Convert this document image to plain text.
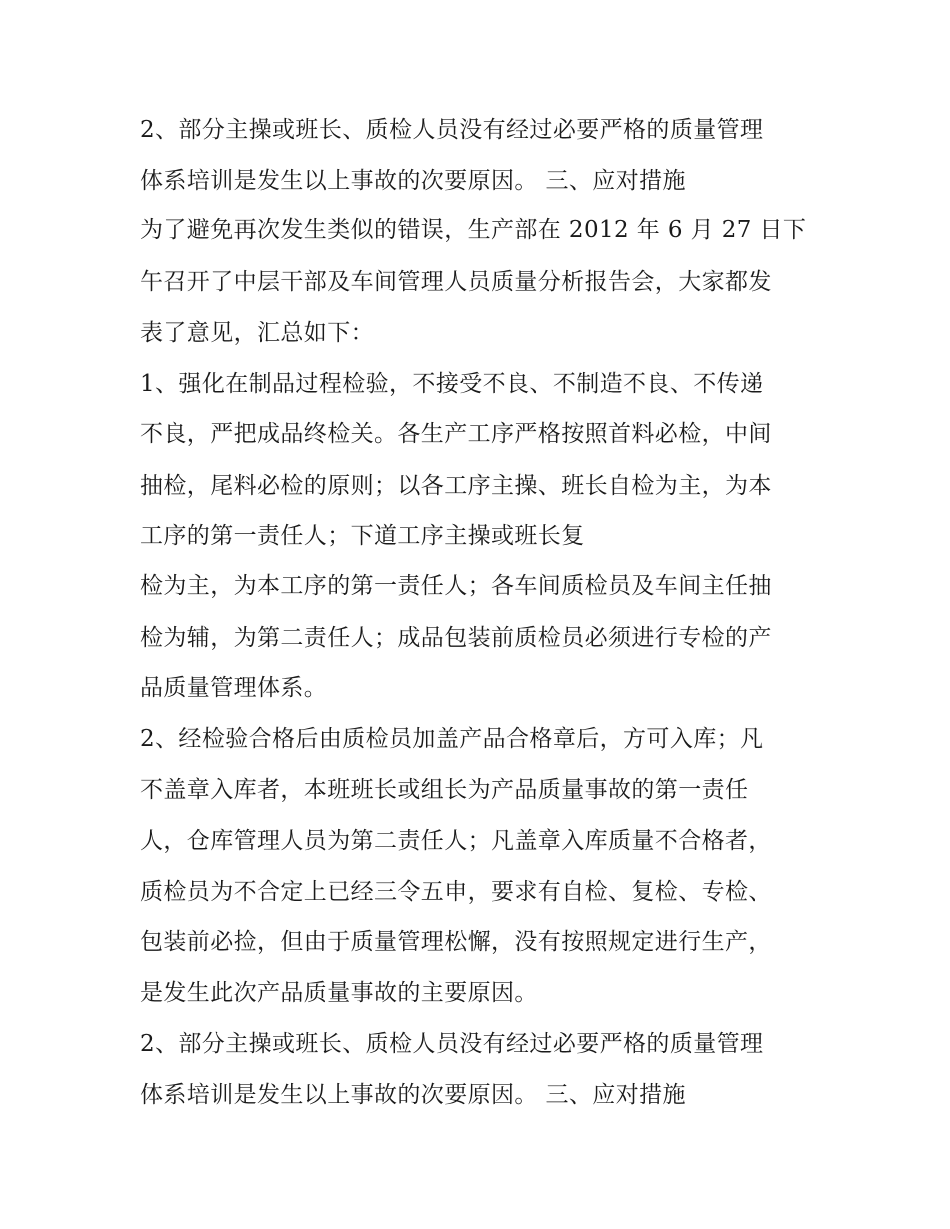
2、部分主操或班长、质检人员没有经过必要严格的质量管理
体系培训是发生以上事故的次要原因。 三、应对措施
为了避免再次发生类似的错误，生产部在 2012 年 6 月 27 日下
午召开了中层干部及车间管理人员质量分析报告会，大家都发
表了意见，汇总如下：
1、强化在制品过程检验，不接受不良、不制造不良、不传递
不良，严把成品终检关。各生产工序严格按照首料必检，中间
抽检，尾料必检的原则；以各工序主操、班长自检为主，为本
工序的第一责任人；下道工序主操或班长复
检为主，为本工序的第一责任人；各车间质检员及车间主任抽
检为辅，为第二责任人；成品包装前质检员必须进行专检的产
品质量管理体系。
2、经检验合格后由质检员加盖产品合格章后，方可入库；凡
不盖章入库者，本班班长或组长为产品质量事故的第一责任
人，仓库管理人员为第二责任人；凡盖章入库质量不合格者，
质检员为不合定上已经三令五申，要求有自检、复检、专检、
包装前必捡，但由于质量管理松懈，没有按照规定进行生产，
是发生此次产品质量事故的主要原因。
2、部分主操或班长、质检人员没有经过必要严格的质量管理
体系培训是发生以上事故的次要原因。 三、应对措施
